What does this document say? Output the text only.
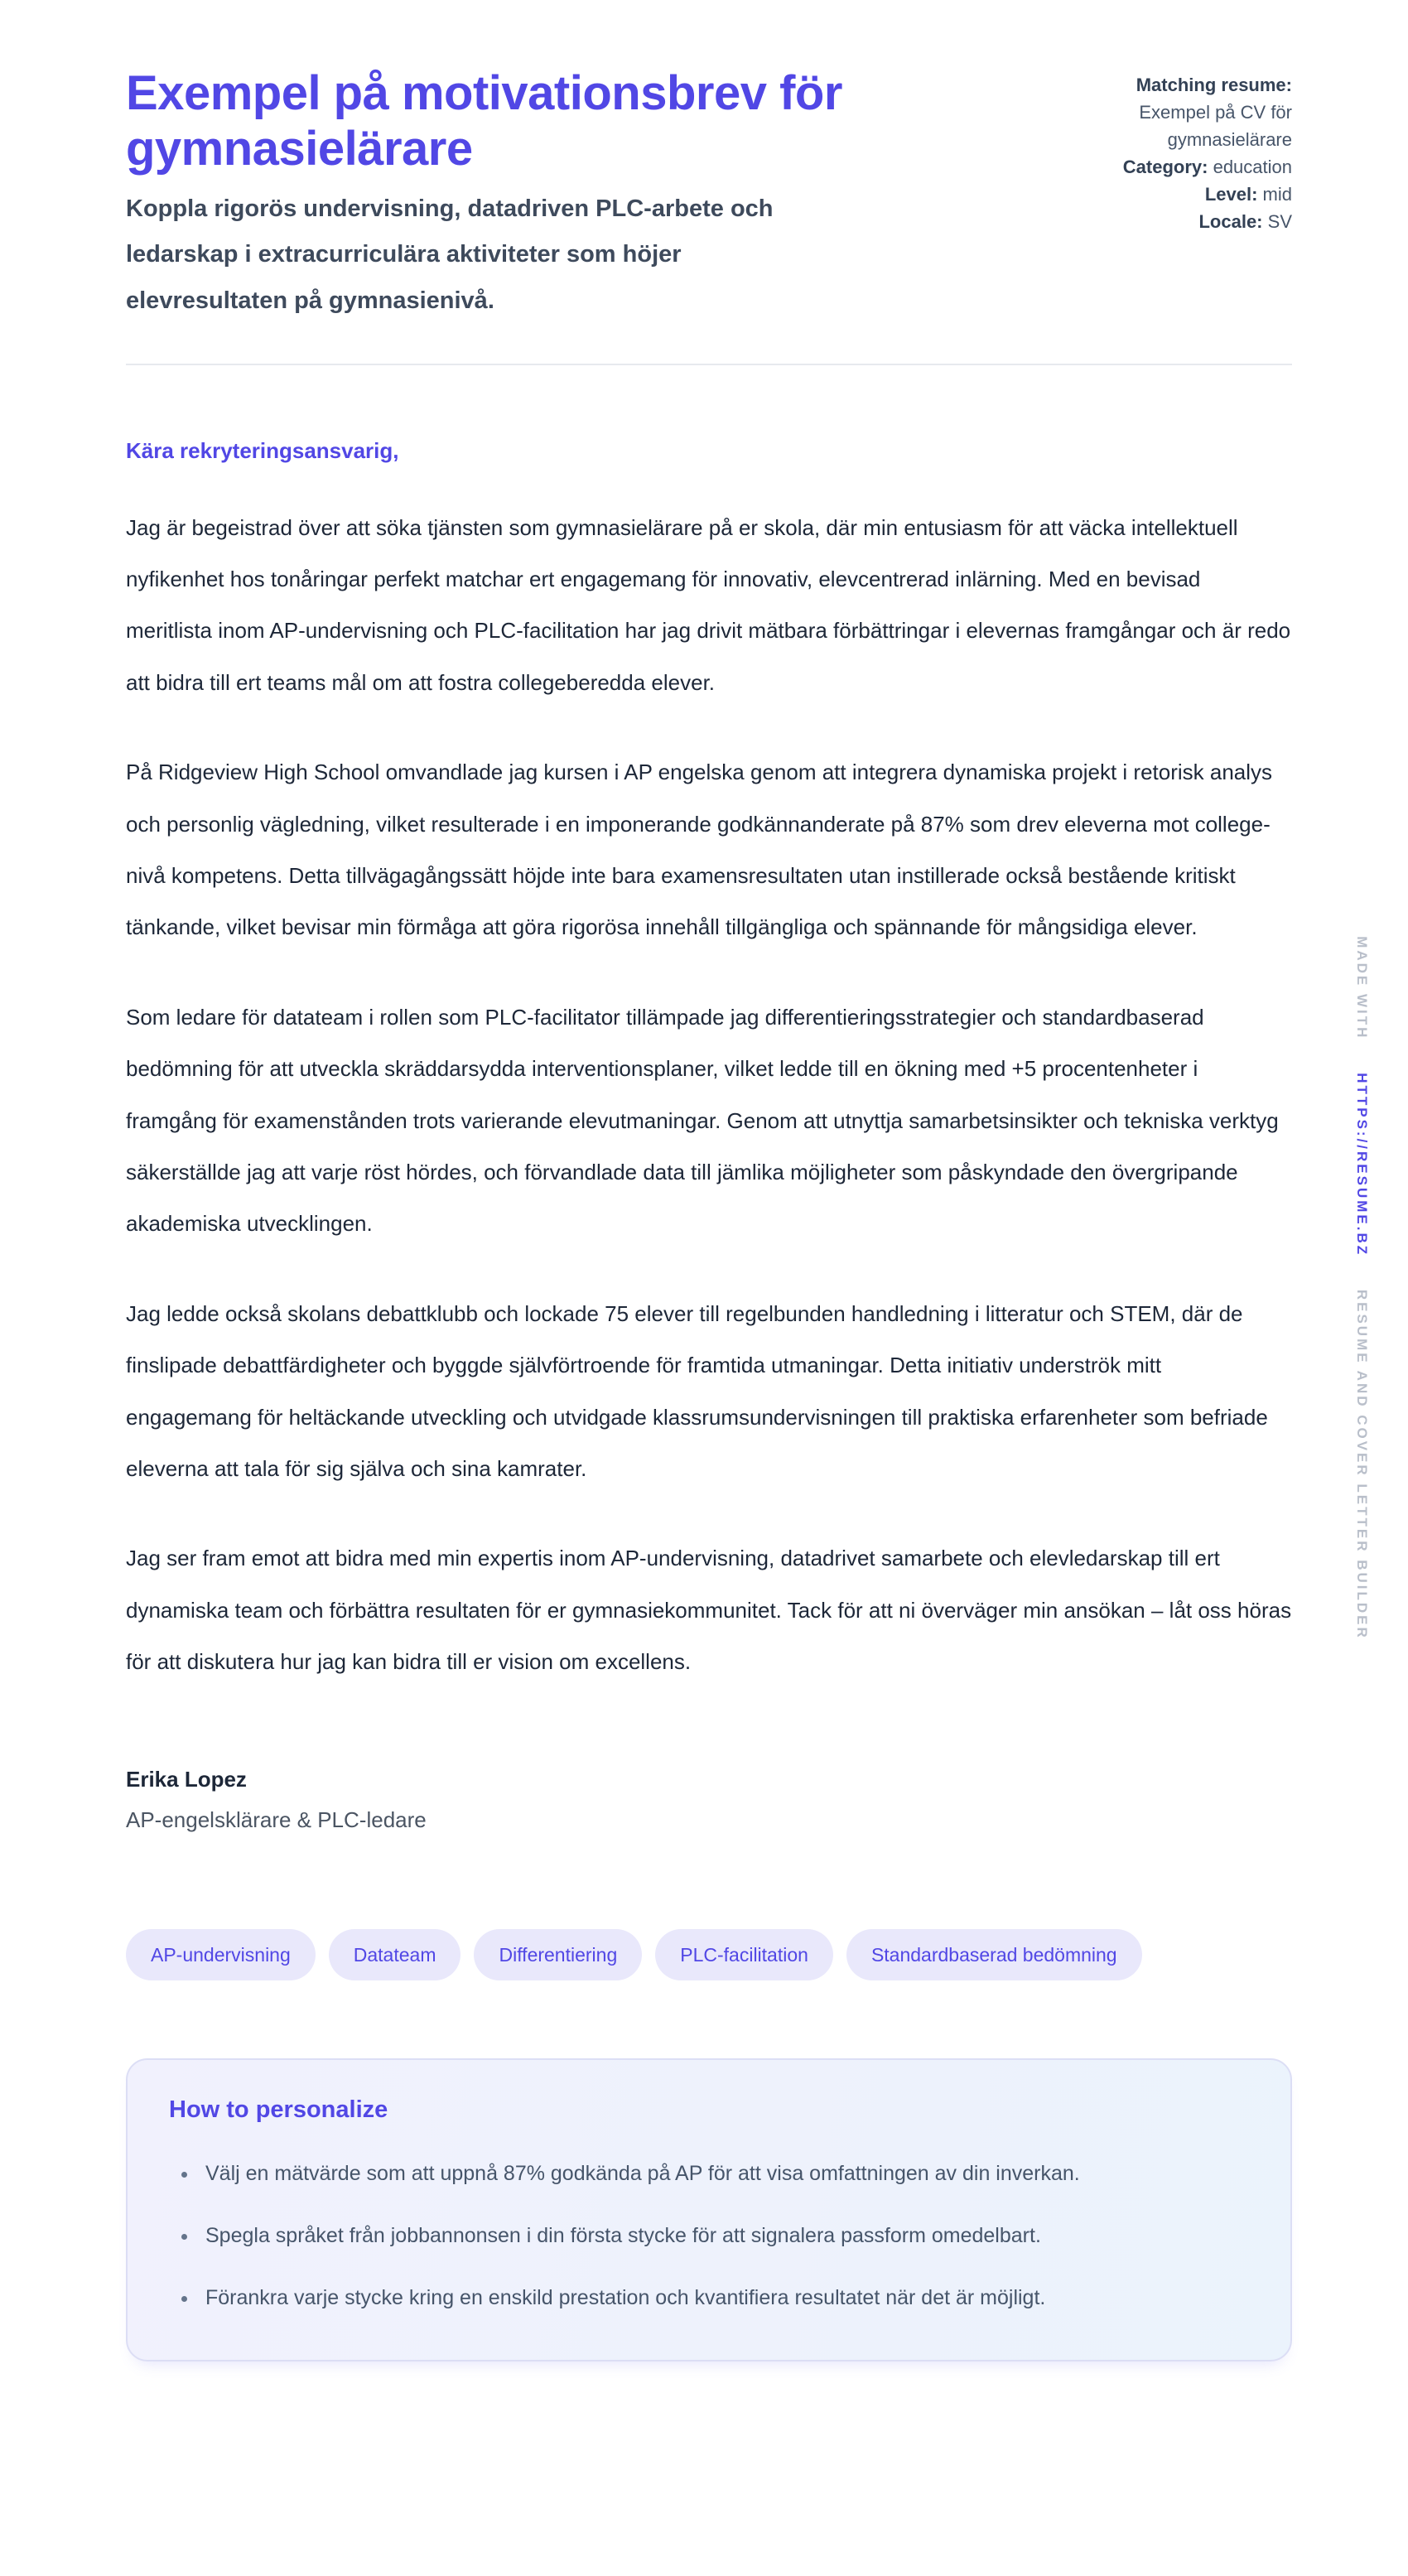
Exempel på motivationsbrev för gymnasielärare

Koppla rigorös undervisning, datadriven PLC-arbete och ledarskap i extracurriculära aktiviteter som höjer elevresultaten på gymnasienivå.

Matching resume: Exempel på CV för gymnasielärare
Category: education
Level: mid
Locale: SV

Kära rekryteringsansvarig,

Jag är begeistrad över att söka tjänsten som gymnasielärare på er skola, där min entusiasm för att väcka intellektuell nyfikenhet hos tonåringar perfekt matchar ert engagemang för innovativ, elevcentrerad inlärning. Med en bevisad meritlista inom AP-undervisning och PLC-facilitation har jag drivit mätbara förbättringar i elevernas framgångar och är redo att bidra till ert teams mål om att fostra collegeberedda elever.

På Ridgeview High School omvandlade jag kursen i AP engelska genom att integrera dynamiska projekt i retorisk analys och personlig vägledning, vilket resulterade i en imponerande godkännanderate på 87% som drev eleverna mot college-nivå kompetens. Detta tillvägagångssätt höjde inte bara examensresultaten utan instillerade också bestående kritiskt tänkande, vilket bevisar min förmåga att göra rigorösa innehåll tillgängliga och spännande för mångsidiga elever.

Som ledare för datateam i rollen som PLC-facilitator tillämpade jag differentieringsstrategier och standardbaserad bedömning för att utveckla skräddarsydda interventionsplaner, vilket ledde till en ökning med +5 procentenheter i framgång för examenstånden trots varierande elevutmaningar. Genom att utnyttja samarbetsinsikter och tekniska verktyg säkerställde jag att varje röst hördes, och förvandlade data till jämlika möjligheter som påskyndade den övergripande akademiska utvecklingen.

Jag ledde också skolans debattklubb och lockade 75 elever till regelbunden handledning i litteratur och STEM, där de finslipade debattfärdigheter och byggde självförtroende för framtida utmaningar. Detta initiativ underströk mitt engagemang för heltäckande utveckling och utvidgade klassrumsundervisningen till praktiska erfarenheter som befriade eleverna att tala för sig själva och sina kamrater.

Jag ser fram emot att bidra med min expertis inom AP-undervisning, datadrivet samarbete och elevledarskap till ert dynamiska team och förbättra resultaten för er gymnasiekommunitet. Tack för att ni överväger min ansökan – låt oss höras för att diskutera hur jag kan bidra till er vision om excellens.

Erika Lopez

AP-engelsklärare & PLC-ledare

AP-undervisning	Datateam	Differentiering	PLC-facilitation	Standardbaserad bedömning
How to personalize
• Välj en mätvärde som att uppnå 87% godkända på AP för att visa omfattningen av din inverkan.
• Spegla språket från jobbannonsen i din första stycke för att signalera passform omedelbart.
• Förankra varje stycke kring en enskild prestation och kvantifiera resultatet när det är möjligt.
MADE WITH HTTPS://RESUME.BZ RESUME AND COVER LETTER BUILDER
